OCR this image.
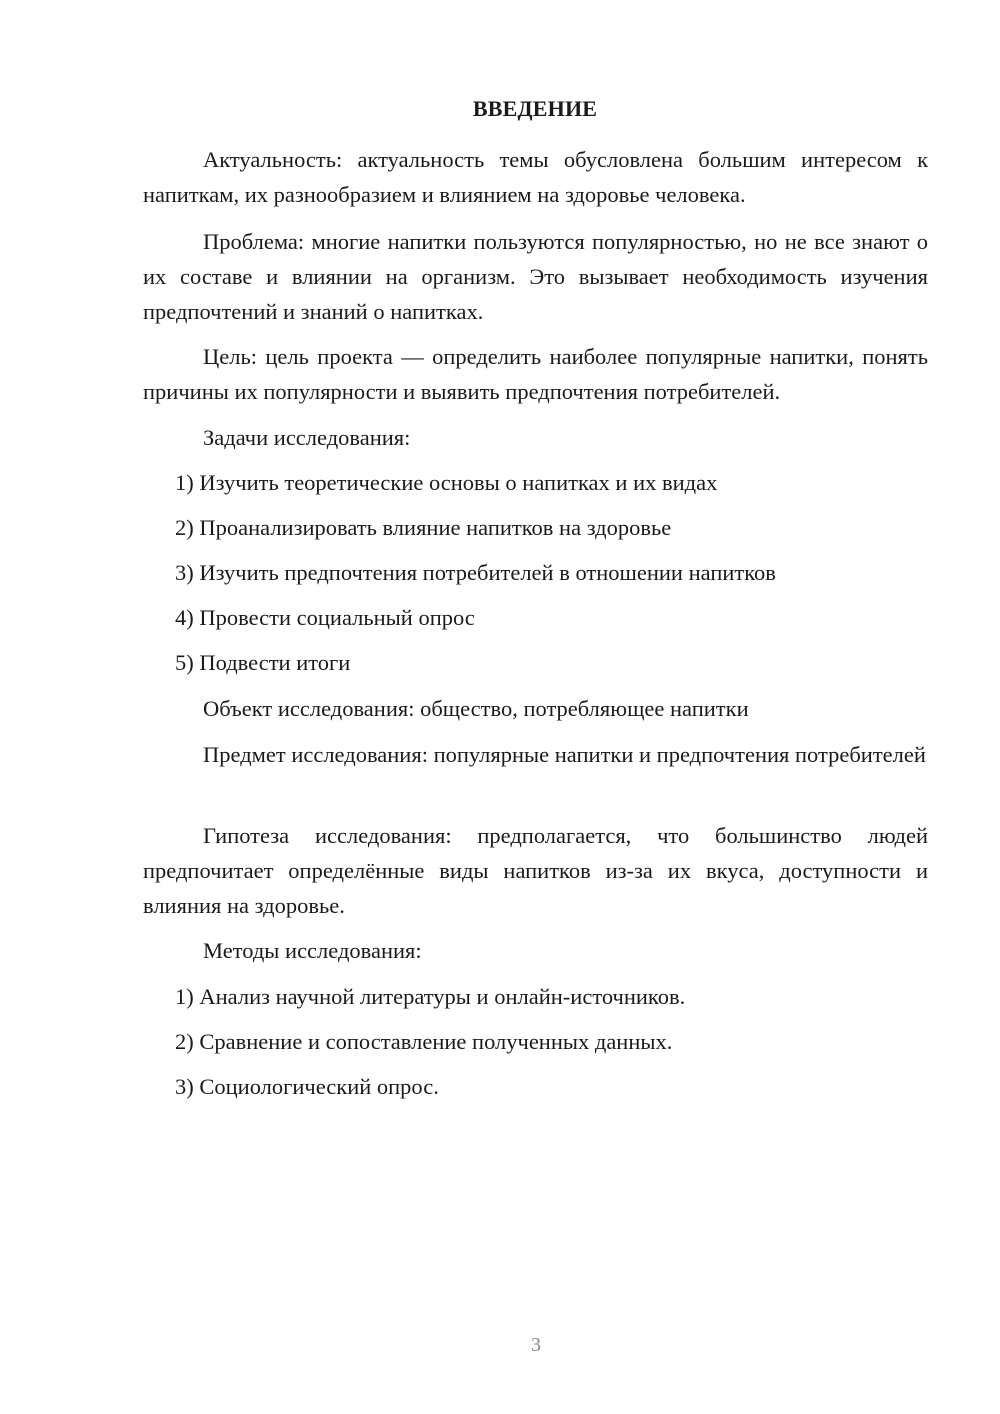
ВВЕДЕНИЕ

Актуальность: актуальность темы обусловлена большим интересом к напиткам, их разнообразием и влиянием на здоровье человека.

Проблема: многие напитки пользуются популярностью, но не все знают о их составе и влиянии на организм. Это вызывает необходимость изучения предпочтений и знаний о напитках.

Цель: цель проекта — определить наиболее популярные напитки, понять причины их популярности и выявить предпочтения потребителей.

Задачи исследования:

1) Изучить теоретические основы о напитках и их видах

2) Проанализировать влияние напитков на здоровье

3) Изучить предпочтения потребителей в отношении напитков

4) Провести социальный опрос

5) Подвести итоги

Объект исследования: общество, потребляющее напитки

Предмет исследования: популярные напитки и предпочтения потребителей

Гипотеза исследования: предполагается, что большинство людей предпочитает определённые виды напитков из-за их вкуса, доступности и влияния на здоровье.

Методы исследования:

1) Анализ научной литературы и онлайн-источников.

2) Сравнение и сопоставление полученных данных.

3) Социологический опрос.

3
